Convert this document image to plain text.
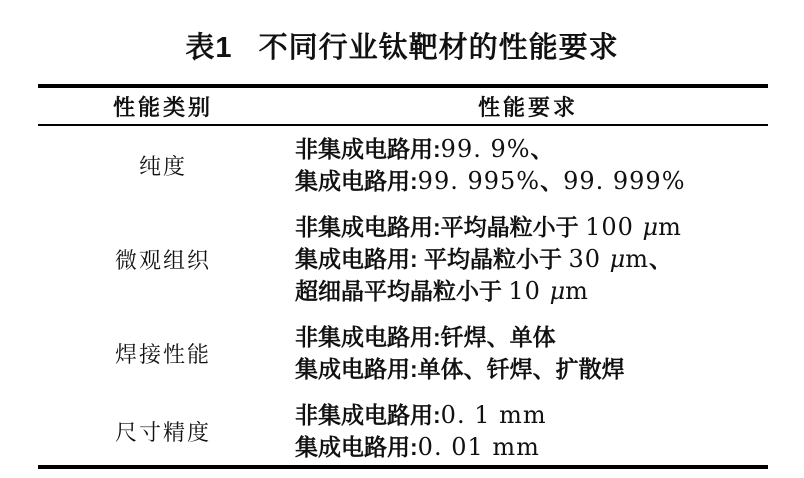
表1 不同行业钛靶材的性能要求
性能类别	性能要求
纯度
非集成电路用:99. 9%、
集成电路用:99. 995%、99. 999%
微观组织
非集成电路用:平均晶粒小于 100 μm
集成电路用: 平均晶粒小于 30 μm、
超细晶平均晶粒小于 10 μm
焊接性能
非集成电路用:钎焊、单体
集成电路用:单体、钎焊、扩散焊
尺寸精度
非集成电路用:0. 1 mm
集成电路用:0. 01 mm
